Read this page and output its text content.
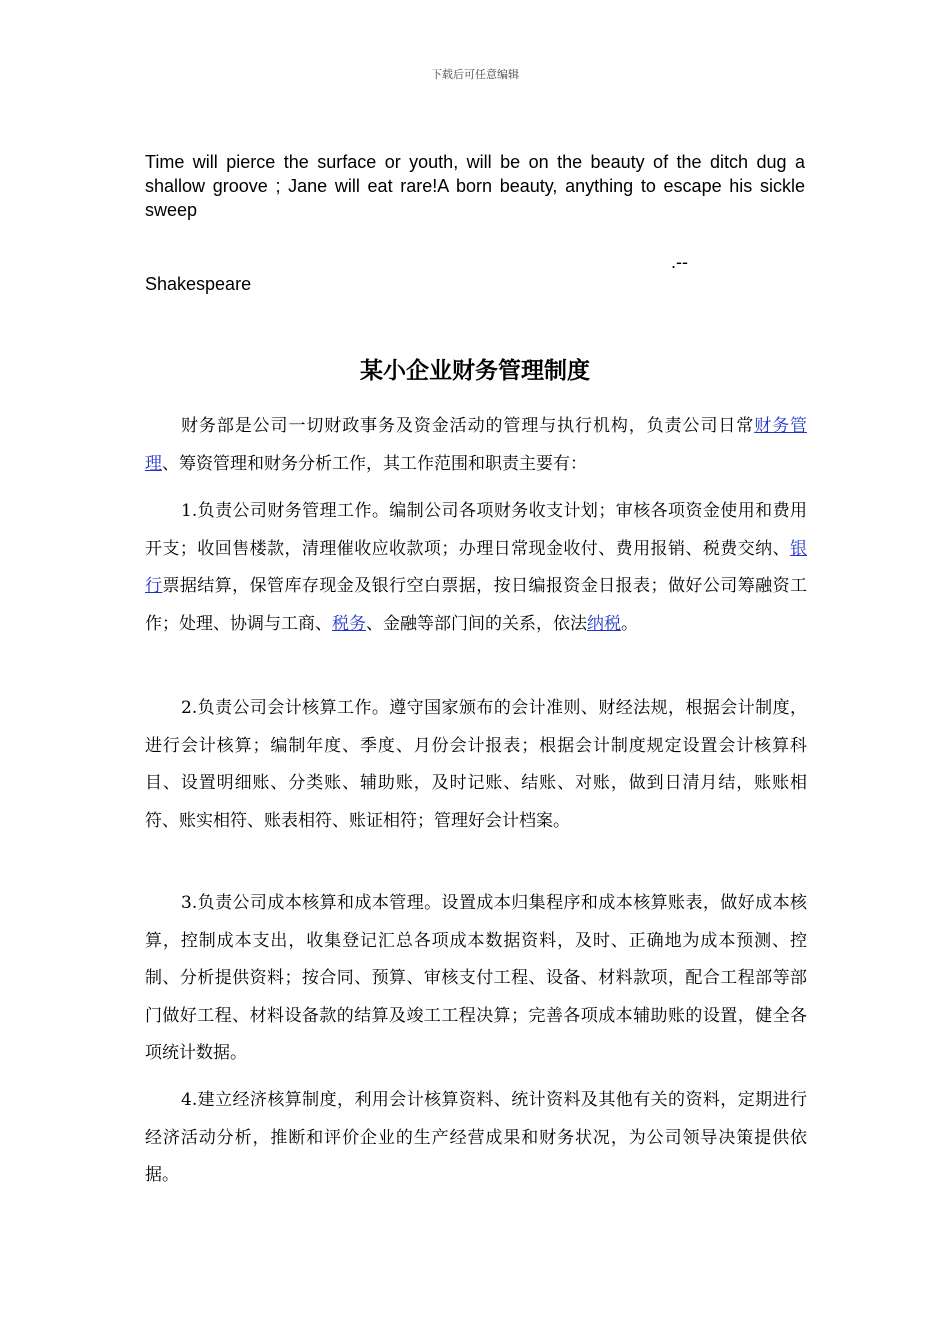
下载后可任意编辑
Time will pierce the surface or youth, will be on the beauty of the ditch dug a shallow groove ; Jane will eat rare!A born beauty, anything to escape his sickle sweep
.--
Shakespeare
某小企业财务管理制度

财务部是公司一切财政事务及资金活动的管理与执行机构，负责公司日常财务管理、筹资管理和财务分析工作，其工作范围和职责主要有：

1.负责公司财务管理工作。编制公司各项财务收支计划；审核各项资金使用和费用开支；收回售楼款，清理催收应收款项；办理日常现金收付、费用报销、税费交纳、银行票据结算，保管库存现金及银行空白票据，按日编报资金日报表；做好公司筹融资工作；处理、协调与工商、税务、金融等部门间的关系，依法纳税。

2.负责公司会计核算工作。遵守国家颁布的会计准则、财经法规，根据会计制度，进行会计核算；编制年度、季度、月份会计报表；根据会计制度规定设置会计核算科目、设置明细账、分类账、辅助账，及时记账、结账、对账，做到日清月结，账账相符、账实相符、账表相符、账证相符；管理好会计档案。

3.负责公司成本核算和成本管理。设置成本归集程序和成本核算账表，做好成本核算，控制成本支出，收集登记汇总各项成本数据资料，及时、正确地为成本预测、控制、分析提供资料；按合同、预算、审核支付工程、设备、材料款项，配合工程部等部门做好工程、材料设备款的结算及竣工工程决算；完善各项成本辅助账的设置，健全各项统计数据。

4.建立经济核算制度，利用会计核算资料、统计资料及其他有关的资料，定期进行经济活动分析，推断和评价企业的生产经营成果和财务状况，为公司领导决策提供依据。
